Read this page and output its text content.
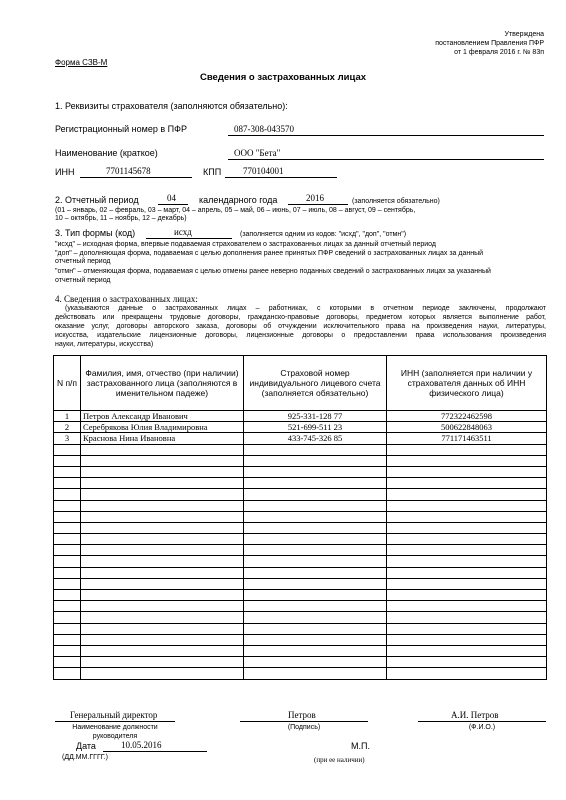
Утверждена
постановлением Правления ПФР
от 1 февраля 2016 г. № 83п
Форма СЗВ-М
Сведения о застрахованных лицах
1. Реквизиты страхователя (заполняются обязательно):
Регистрационный номер в ПФР	087-308-043570
Наименование (краткое)	ООО "Бета"
ИНН	7701145678	КПП 770104001
2. Отчетный период	04	календарного года	2016	(заполняется обязательно)
(01 – январь, 02 – февраль, 03 – март, 04 – апрель, 05 – май, 06 – июнь, 07 – июль, 08 – август, 09 – сентябрь,
10 – октябрь, 11 – ноябрь, 12 – декабрь)
3. Тип формы (код)	исхд	(заполняется одним из кодов: "исхд", "доп", "отмн")
"исхд" – исходная форма, впервые подаваемая страхователем о застрахованных лицах за данный отчетный период
"доп" – дополняющая форма, подаваемая с целью дополнения ранее принятых ПФР сведений о застрахованных лицах за данный
отчетный период
"отмн" – отменяющая форма, подаваемая с целью отмены ранее неверно поданных сведений о застрахованных лицах за указанный
отчетный период
4. Сведения о застрахованных лицах:
(указываются данные о застрахованных лицах – работниках, с которыми в отчетном периоде заключены, продолжают
действовать или прекращены трудовые договоры, гражданско-правовые договоры, предметом которых является выполнение работ,
оказание услуг, договоры авторского заказа, договоры об отчуждении исключительного права на произведения науки, литературы,
искусства, издательские лицензионные договоры, лицензионные договоры о предоставлении права использования произведения
науки, литературы, искусства)
N п/п	Фамилия, имя, отчество (при наличии) застрахованного лица (заполняются в именительном падеже)	Страховой номер индивидуального лицевого счета (заполняется обязательно)	ИНН (заполняется при наличии у страхователя данных об ИНН физического лица)
1	Петров Александр Иванович	925-331-128 77	772322462598
2	Серебрякова Юлия Владимировна	521-699-511 23	500622848063
3	Краснова Нина Ивановна	433-745-326 85	771171463511

Генеральный директор
Наименование должности
руководителя
Петров
(Подпись)
А.И. Петров
(Ф.И.О.)
Дата	10.05.2016
(ДД.ММ.ГГГГ.)
М.П.
(при ее наличии)
